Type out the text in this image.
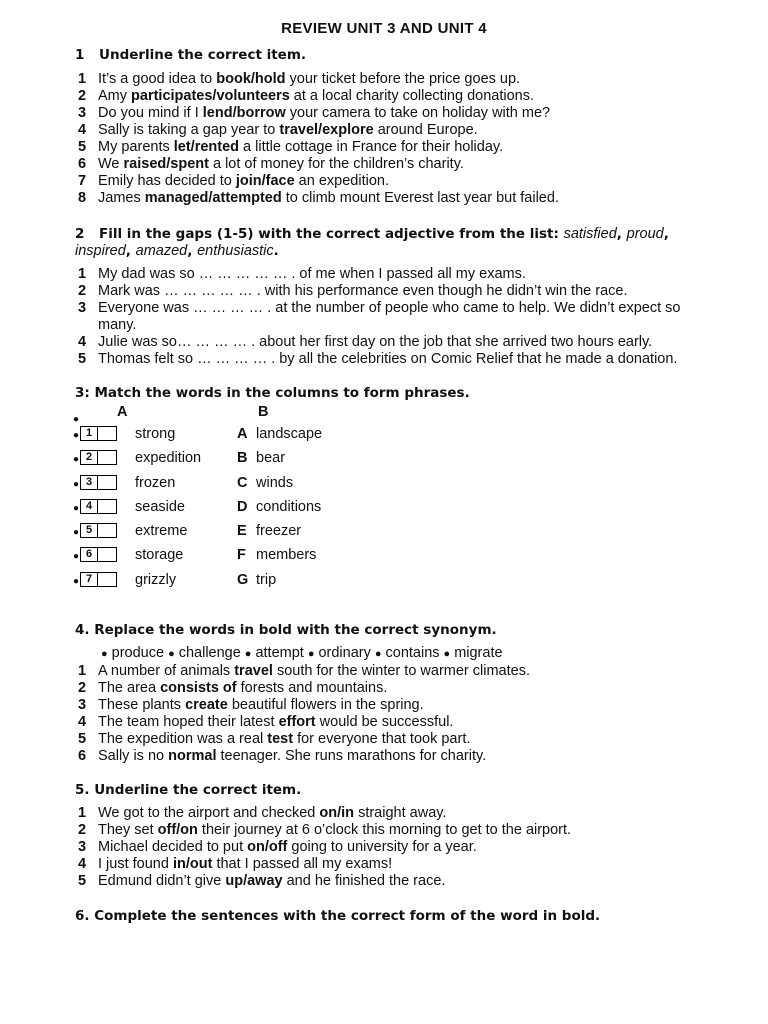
REVIEW UNIT 3 AND UNIT 4
1 Underline the correct item.
1 It’s a good idea to book/hold your ticket before the price goes up.
2 Amy participates/volunteers at a local charity collecting donations.
3 Do you mind if I lend/borrow your camera to take on holiday with me?
4 Sally is taking a gap year to travel/explore around Europe.
5 My parents let/rented a little cottage in France for their holiday.
6 We raised/spent a lot of money for the children’s charity.
7 Emily has decided to join/face an expedition.
8 James managed/attempted to climb mount Everest last year but failed.
2 Fill in the gaps (1-5) with the correct adjective from the list: satisfied, proud, inspired, amazed, enthusiastic.
1 My dad was so … … … … … . of me when I passed all my exams.
2 Mark was … … … … … . with his performance even though he didn’t win the race.
3 Everyone was … … … … . at the number of people who came to help. We didn’t expect so many.
4 Julie was so… … … … . about her first day on the job that she arrived two hours early.
5 Thomas felt so … … … … . by all the celebrities on Comic Relief that he made a donation.
3: Match the words in the columns to form phrases.
●	A	B
● 1	strong	A landscape
● 2	expedition B bear
● 3	frozen	C winds
● 4	seaside	D conditions
● 5	extreme	E freezer
● 6	storage	F members
● 7	grizzly	G trip
4. Replace the words in bold with the correct synonym.
● produce ● challenge ● attempt ● ordinary ● contains ● migrate
1 A number of animals travel south for the winter to warmer climates.
2 The area consists of forests and mountains.
3 These plants create beautiful flowers in the spring.
4 The team hoped their latest effort would be successful.
5 The expedition was a real test for everyone that took part.
6 Sally is no normal teenager. She runs marathons for charity.
5. Underline the correct item.
1 We got to the airport and checked on/in straight away.
2 They set off/on their journey at 6 o’clock this morning to get to the airport.
3 Michael decided to put on/off going to university for a year.
4 I just found in/out that I passed all my exams!
5 Edmund didn’t give up/away and he finished the race.
6. Complete the sentences with the correct form of the word in bold.
